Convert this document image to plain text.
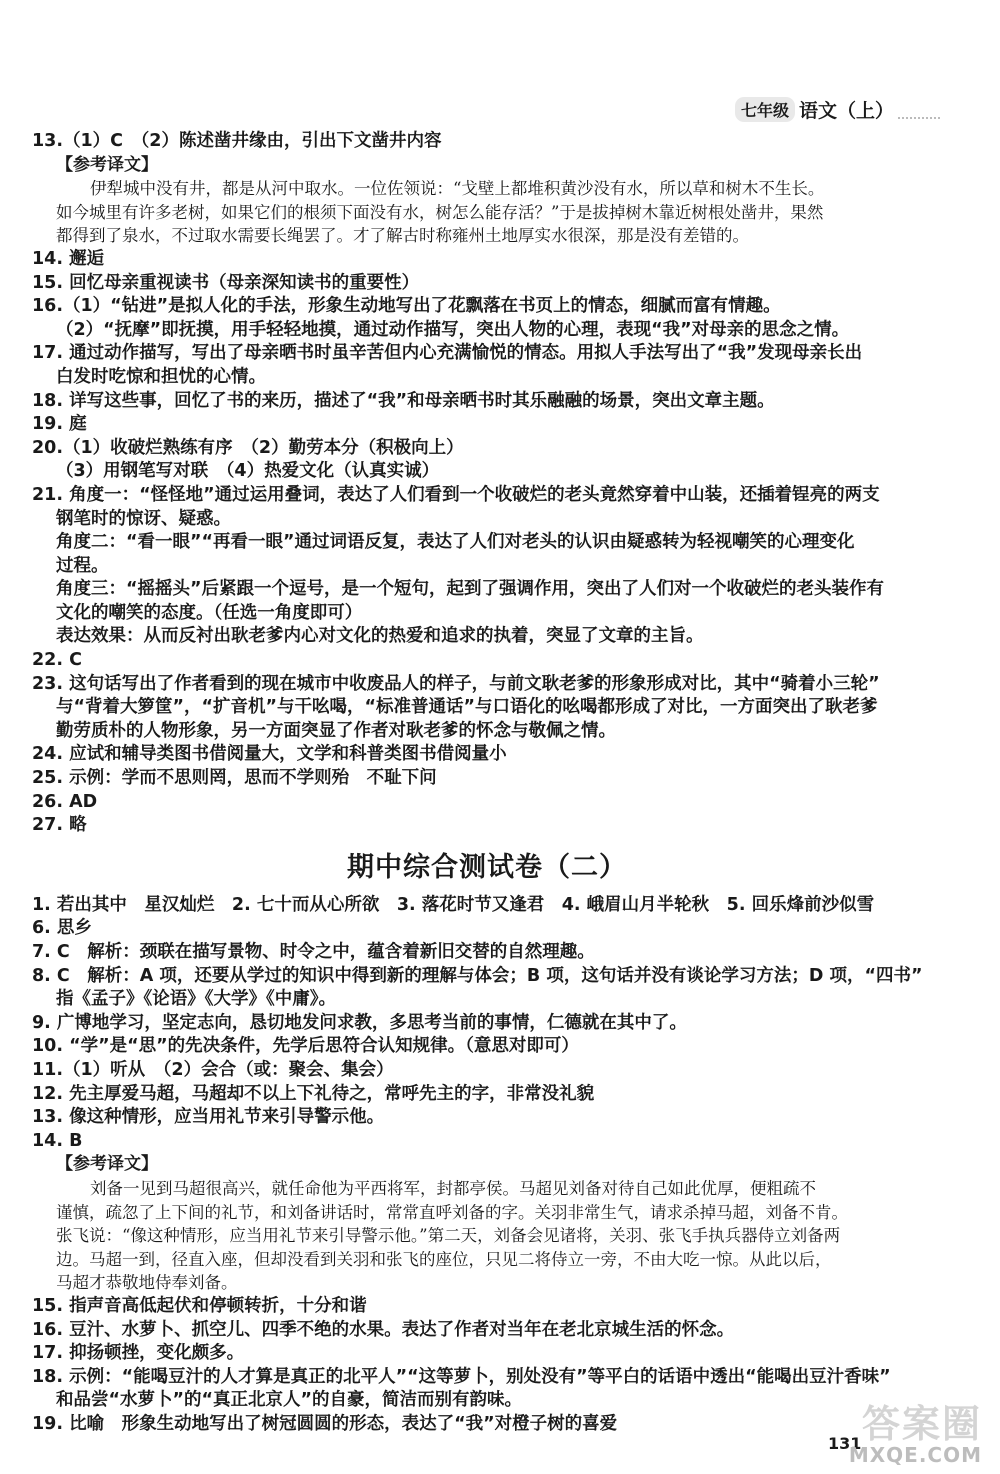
七年级 语文（上）
13.（1）C　（2）陈述凿井缘由，引出下文凿井内容
【参考译文】
伊犁城中没有井，都是从河中取水。一位佐领说：“戈壁上都堆积黄沙没有水，所以草和树木不生长。
如今城里有许多老树，如果它们的根须下面没有水，树怎么能存活？”于是拔掉树木靠近树根处凿井，果然
都得到了泉水，不过取水需要长绳罢了。才了解古时称雍州土地厚实水很深，那是没有差错的。
14. 邂逅
15. 回忆母亲重视读书（母亲深知读书的重要性）
16.（1）“钻进”是拟人化的手法，形象生动地写出了花飘落在书页上的情态，细腻而富有情趣。
（2）“抚摩”即抚摸，用手轻轻地摸，通过动作描写，突出人物的心理，表现“我”对母亲的思念之情。
17. 通过动作描写，写出了母亲晒书时虽辛苦但内心充满愉悦的情态。用拟人手法写出了“我”发现母亲长出
白发时吃惊和担忧的心情。
18. 详写这些事，回忆了书的来历，描述了“我”和母亲晒书时其乐融融的场景，突出文章主题。
19. 庭
20.（1）收破烂熟练有序　（2）勤劳本分（积极向上）
（3）用钢笔写对联　（4）热爱文化（认真实诚）
21. 角度一：“怪怪地”通过运用叠词，表达了人们看到一个收破烂的老头竟然穿着中山装，还插着锃亮的两支
钢笔时的惊讶、疑惑。
角度二：“看一眼”“再看一眼”通过词语反复，表达了人们对老头的认识由疑惑转为轻视嘲笑的心理变化
过程。
角度三：“摇摇头”后紧跟一个逗号，是一个短句，起到了强调作用，突出了人们对一个收破烂的老头装作有
文化的嘲笑的态度。（任选一角度即可）
表达效果：从而反衬出耿老爹内心对文化的热爱和追求的执着，突显了文章的主旨。
22. C
23. 这句话写出了作者看到的现在城市中收废品人的样子，与前文耿老爹的形象形成对比，其中“骑着小三轮”
与“背着大箩筐”，“扩音机”与干吆喝，“标准普通话”与口语化的吆喝都形成了对比，一方面突出了耿老爹
勤劳质朴的人物形象，另一方面突显了作者对耿老爹的怀念与敬佩之情。
24. 应试和辅导类图书借阅量大，文学和科普类图书借阅量小
25. 示例：学而不思则罔，思而不学则殆　不耻下问
26. AD
27. 略
期中综合测试卷（二）
1. 若出其中　星汉灿烂　2. 七十而从心所欲　3. 落花时节又逢君　4. 峨眉山月半轮秋　5. 回乐烽前沙似雪
6. 思乡
7. C　解析：颈联在描写景物、时令之中，蕴含着新旧交替的自然理趣。
8. C　解析：A 项，还要从学过的知识中得到新的理解与体会；B 项，这句话并没有谈论学习方法；D 项，“四书”
指《孟子》《论语》《大学》《中庸》。
9. 广博地学习，坚定志向，恳切地发问求教，多思考当前的事情，仁德就在其中了。
10. “学”是“思”的先决条件，先学后思符合认知规律。（意思对即可）
11.（1）听从　（2）会合（或：聚会、集会）
12. 先主厚爱马超，马超却不以上下礼待之，常呼先主的字，非常没礼貌
13. 像这种情形，应当用礼节来引导警示他。
14. B
【参考译文】
刘备一见到马超很高兴，就任命他为平西将军，封都亭侯。马超见刘备对待自己如此优厚，便粗疏不
谨慎，疏忽了上下间的礼节，和刘备讲话时，常常直呼刘备的字。关羽非常生气，请求杀掉马超，刘备不肯。
张飞说：“像这种情形，应当用礼节来引导警示他。”第二天，刘备会见诸将，关羽、张飞手执兵器侍立刘备两
边。马超一到，径直入座，但却没看到关羽和张飞的座位，只见二将侍立一旁，不由大吃一惊。从此以后，
马超才恭敬地侍奉刘备。
15. 指声音高低起伏和停顿转折，十分和谐
16. 豆汁、水萝卜、抓空儿、四季不绝的水果。表达了作者对当年在老北京城生活的怀念。
17. 抑扬顿挫，变化颇多。
18. 示例：“能喝豆汁的人才算是真正的北平人”“这等萝卜，别处没有”等平白的话语中透出“能喝出豆汁香味”
和品尝“水萝卜”的“真正北京人”的自豪，简洁而别有韵味。
19. 比喻　形象生动地写出了树冠圆圆的形态，表达了“我”对橙子树的喜爱
131 答案圈
MXQE.COM
